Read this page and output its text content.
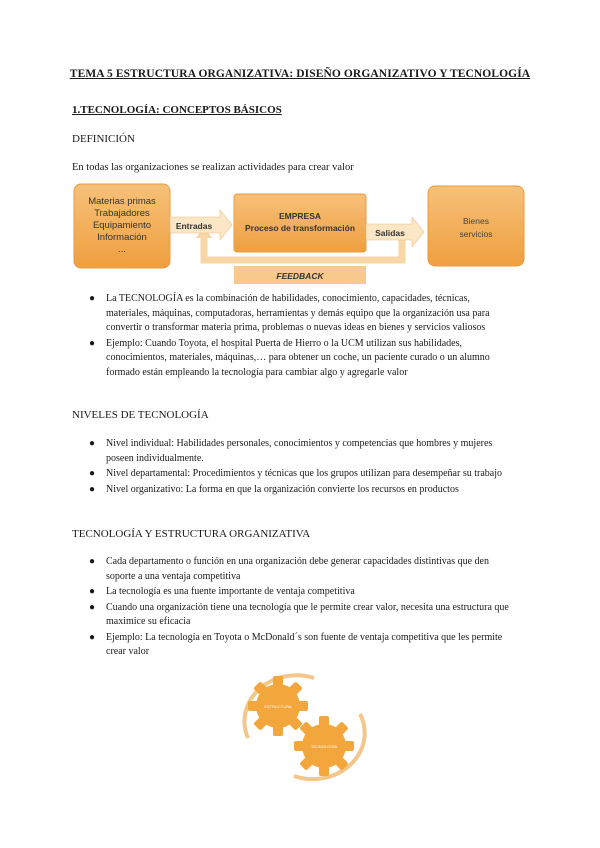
TEMA 5 ESTRUCTURA ORGANIZATIVA: DISEÑO ORGANIZATIVO Y TECNOLOGÍA
1.TECNOLOGÍA: CONCEPTOS BÁSICOS
DEFINICIÓN
En todas las organizaciones se realizan actividades para crear valor
Materias primas
Trabajadores
Equipamiento
Información
...
Entradas
EMPRESA
Proceso de transformación Salidas
Bienes
servicios
FEEDBACK
● La TECNOLOGÍA es la combinación de habilidades, conocimiento, capacidades, técnicas, materiales, máquinas, computadoras, herramientas y demás equipo que la organización usa para convertir o transformar materia prima, problemas o nuevas ideas en bienes y servicios valiosos
● Ejemplo: Cuando Toyota, el hospital Puerta de Hierro o la UCM utilizan sus habilidades, conocimientos, materiales, máquinas,… para obtener un coche, un paciente curado o un alumno formado están empleando la tecnología para cambiar algo y agregarle valor
NIVELES DE TECNOLOGÍA
● Nivel individual: Habilidades personales, conocimientos y competencias que hombres y mujeres poseen individualmente.
● Nivel departamental: Procedimientos y técnicas que los grupos utilizan para desempeñar su trabajo
● Nivel organizativo: La forma en que la organización convierte los recursos en productos
TECNOLOGÍA Y ESTRUCTURA ORGANIZATIVA
● Cada departamento o función en una organización debe generar capacidades distintivas que den soporte a una ventaja competitiva
● La tecnología es una fuente importante de ventaja competitiva
● Cuando una organización tiene una tecnología que le permite crear valor, necesita una estructura que maximice su eficacia
● Ejemplo: La tecnología en Toyota o McDonald´s son fuente de ventaja competitiva que les permite crear valor
ESTRUCTURA
TECNOLOGÍA
